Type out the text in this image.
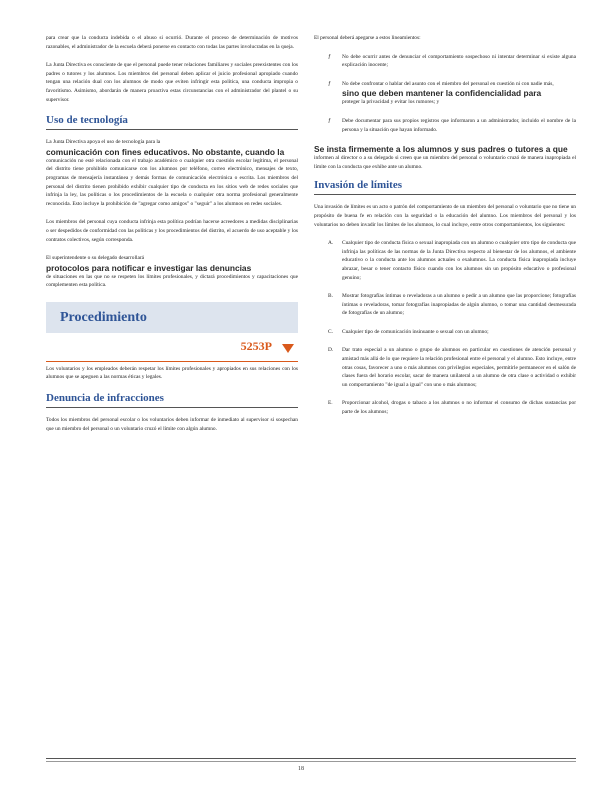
para crear que la conducta indebida o el abuso si ocurrió. Durante el proceso de determinación de motivos razonables, el administrador de la escuela deberá ponerse en contacto con todas las partes involucradas en la queja.

La Junta Directiva es consciente de que el personal puede tener relaciones familiares y sociales preexistentes con los padres o tutores y los alumnos. Los miembros del personal deben aplicar el juicio profesional apropiado cuando tengan una relación dual con los alumnos de modo que eviten infringir esta política, una conducta impropia o favoritismo. Asimismo, abordarán de manera proactiva estas circunstancias con el administrador del plantel o su supervisor.

Uso de tecnología

La Junta Directiva apoya el uso de tecnología para la
comunicación con fines educativos. No obstante, cuando la
comunicación no esté relacionada con el trabajo académico o cualquier otra cuestión escolar legítima, el personal del distrito tiene prohibido comunicarse con los alumnos por teléfono, correo electrónico, mensajes de texto, programas de mensajería instantánea y demás formas de comunicación electrónica o escrita. Los miembros del personal del distrito tienen prohibido exhibir cualquier tipo de conducta en los sitios web de redes sociales que infrinja la ley, las políticas o los procedimientos de la escuela o cualquier otra norma profesional generalmente reconocida. Esto incluye la prohibición de "agregar como amigos" o "seguir" a los alumnos en redes sociales.

Los miembros del personal cuya conducta infrinja esta política podrían hacerse acreedores a medidas disciplinarias o ser despedidos de conformidad con las políticas y los procedimientos del distrito, el acuerdo de uso aceptable y los contratos colectivos, según corresponda.

El superintendente o su delegado desarrollará
protocolos para notificar e investigar las denuncias
de situaciones en las que no se respeten los límites profesionales, y dictará procedimientos y capacitaciones que complementen esta política.

Procedimiento
5253P

Los voluntarios y los empleados deberán respetar los límites profesionales y apropiados en sus relaciones con los alumnos que se apeguen a las normas éticas y legales.

Denuncia de infracciones

Todos los miembros del personal escolar o los voluntarios deben informar de inmediato al supervisor si sospechan que un miembro del personal o un voluntario cruzó el límite con algún alumno.

El personal deberá apegarse a estos lineamientos:

ƒ No debe ocurrir antes de denunciar el comportamiento sospechoso ni intentar determinar si existe alguna explicación inocente;
ƒ No debe confrontar o hablar del asunto con el miembro del personal en cuestión ni con nadie más,
sino que deben mantener la confidencialidad para
proteger la privacidad y evitar los rumores; y
ƒ Debe documentar para sus propios registros que informaron a un administrador, incluido el nombre de la persona y la situación que hayan informado.

Se insta firmemente a los alumnos y sus padres o tutores a que
informen al director o a su delegado si creen que un miembro del personal o voluntario cruzó de manera inapropiada el límite con la conducta que exhibe ante un alumno.

Invasión de límites

Una invasión de límites es un acto o patrón del comportamiento de un miembro del personal o voluntario que no tiene un propósito de buena fe en relación con la seguridad o la educación del alumno. Los miembros del personal y los voluntarios no deben invadir los límites de los alumnos, lo cual incluye, entre otros comportamientos, los siguientes:

A. Cualquier tipo de conducta física o sexual inapropiada con un alumno o cualquier otro tipo de conducta que infrinja las políticas de las normas de la Junta Directiva respecto al bienestar de los alumnos, el ambiente educativo o la conducta ante los alumnos actuales o exalumnos. La conducta física inapropiada incluye abrazar, besar o tener contacto físico cuando con los alumnos sin un propósito educativo o profesional genuino;
B. Mostrar fotografías íntimas o reveladoras a un alumno o pedir a un alumno que las proporcione; fotografías íntimas o reveladoras, tomar fotografías inapropiadas de algún alumno, o tomar una cantidad desmesurada de fotografías de un alumno;
C. Cualquier tipo de comunicación insinuante o sexual con un alumno;
D. Dar trato especial a un alumno o grupo de alumnos en particular en cuestiones de atención personal y amistad más allá de lo que requiere la relación profesional entre el personal y el alumno. Esto incluye, entre otras cosas, favorecer a uno o más alumnos con privilegios especiales, permitirle permanecer en el salón de clases fuera del horario escolar, sacar de manera unilateral a un alumno de otra clase o actividad o exhibir un comportamiento "de igual a igual" con uno o más alumnos;
E. Proporcionar alcohol, drogas o tabaco a los alumnos o no informar el consumo de dichas sustancias por parte de los alumnos;
18
